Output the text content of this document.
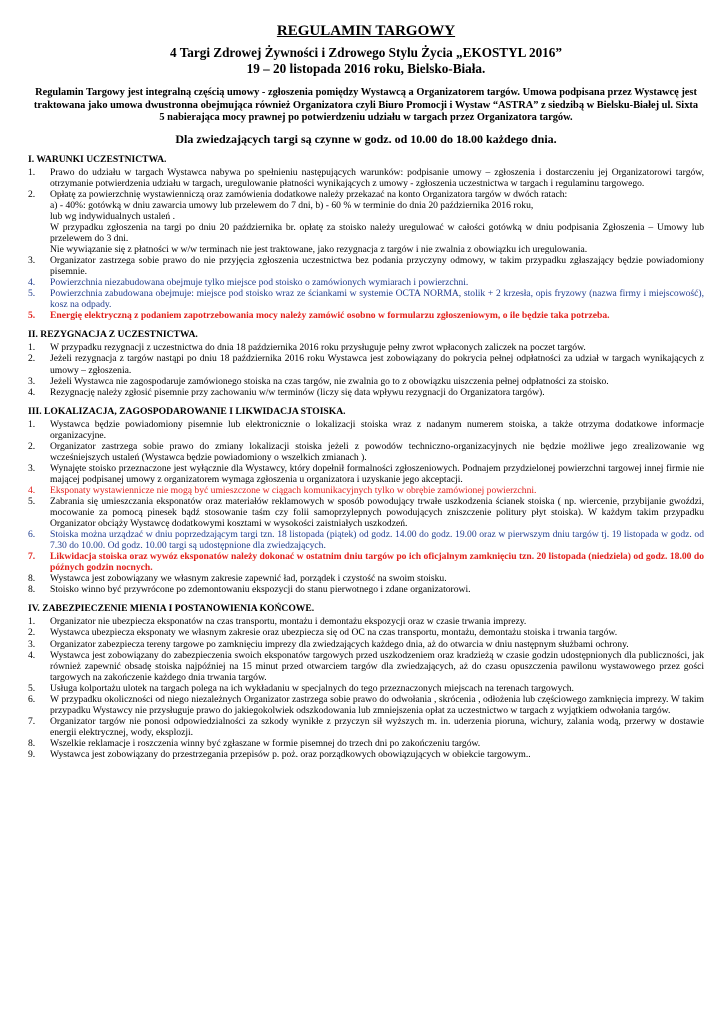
REGULAMIN TARGOWY
4 Targi Zdrowej Żywności i Zdrowego Stylu Życia „EKOSTYL 2016”
19 – 20 listopada 2016 roku, Bielsko-Biała.
Regulamin Targowy jest integralną częścią umowy - zgłoszenia pomiędzy Wystawcą a Organizatorem targów. Umowa podpisana przez Wystawcę jest traktowana jako umowa dwustronna obejmująca również Organizatora czyli Biuro Promocji i Wystaw “ASTRA” z siedzibą w Bielsku-Białej ul. Sixta 5 nabierająca mocy prawnej po potwierdzeniu udziału w targach przez Organizatora targów.
Dla zwiedzających targi są czynne w godz. od 10.00 do 18.00 każdego dnia.
I. WARUNKI UCZESTNICTWA.
1.	Prawo do udziału w targach Wystawca nabywa po spełnieniu następujących warunków: podpisanie umowy – zgłoszenia i dostarczeniu jej Organizatorowi targów, otrzymanie potwierdzenia udziału w targach, uregulowanie płatności wynikających z umowy - zgłoszenia uczestnictwa w targach i regulaminu targowego.
2.	Opłatę za powierzchnię wystawienniczą oraz zamówienia dodatkowe należy przekazać na konto Organizatora targów w dwóch ratach:
a) - 40%: gotówką w dniu zawarcia umowy lub przelewem do 7 dni, b) - 60 % w terminie do dnia 20 października 2016 roku,
lub wg indywidualnych ustaleń .
W przypadku zgłoszenia na targi po dniu 20 października br. opłatę za stoisko należy uregulować w całości gotówką w dniu podpisania Zgłoszenia – Umowy lub przelewem do 3 dni.
Nie wywiązanie się z płatności w w/w terminach nie jest traktowane, jako rezygnacja z targów i nie zwalnia z obowiązku ich uregulowania.
3.	Organizator zastrzega sobie prawo do nie przyjęcia zgłoszenia uczestnictwa bez podania przyczyny odmowy, w takim przypadku zgłaszający będzie powiadomiony pisemnie.
4.	Powierzchnia niezabudowana obejmuje tylko miejsce pod stoisko o zamówionych wymiarach i powierzchni.
5.	Powierzchnia zabudowana obejmuje: miejsce pod stoisko wraz ze ściankami w systemie OCTA NORMA, stolik + 2 krzesła, opis fryzowy (nazwa firmy i miejscowość), kosz na odpady.
5.	Energię elektryczną z podaniem zapotrzebowania mocy należy zamówić osobno w formularzu zgłoszeniowym, o ile będzie taka potrzeba.
II. REZYGNACJA Z UCZESTNICTWA.
1.	W przypadku rezygnacji z uczestnictwa do dnia 18 października 2016 roku przysługuje pełny zwrot wpłaconych zaliczek na poczet targów.
2.	Jeżeli rezygnacja z targów nastąpi po dniu 18 października 2016 roku Wystawca jest zobowiązany do pokrycia pełnej odpłatności za udział w targach wynikających z umowy – zgłoszenia.
3.	Jeżeli Wystawca nie zagospodaruje zamówionego stoiska na czas targów, nie zwalnia go to z obowiązku uiszczenia pełnej odpłatności za stoisko.
4.	Rezygnację należy zgłosić pisemnie przy zachowaniu w/w terminów (liczy się data wpływu rezygnacji do Organizatora targów).
III. LOKALIZACJA, ZAGOSPODAROWANIE I LIKWIDACJA STOISKA.
1.	Wystawca będzie powiadomiony pisemnie lub elektronicznie o lokalizacji stoiska wraz z nadanym numerem stoiska, a także otrzyma dodatkowe informacje organizacyjne.
2.	Organizator zastrzega sobie prawo do zmiany lokalizacji stoiska jeżeli z powodów techniczno-organizacyjnych nie będzie możliwe jego zrealizowanie wg wcześniejszych ustaleń (Wystawca będzie powiadomiony o wszelkich zmianach ).
3.	Wynajęte stoisko przeznaczone jest wyłącznie dla Wystawcy, który dopełnił formalności zgłoszeniowych. Podnajem przydzielonej powierzchni targowej innej firmie nie mającej podpisanej umowy z organizatorem wymaga zgłoszenia u organizatora i uzyskanie jego akceptacji.
4.	Eksponaty wystawiennicze nie mogą być umieszczone w ciągach komunikacyjnych tylko w obrębie zamówionej powierzchni.
5.	Zabrania się umieszczania eksponatów oraz materiałów reklamowych w sposób powodujący trwałe uszkodzenia ścianek stoiska ( np. wiercenie, przybijanie gwoździ, mocowanie za pomocą pinesek bądź stosowanie taśm czy folii samoprzylepnych powodujących zniszczenie politury płyt stoiska). W każdym takim przypadku Organizator obciąży Wystawcę dodatkowymi kosztami w wysokości zaistniałych uszkodzeń.
6.	Stoiska można urządzać w dniu poprzedzającym targi tzn. 18 listopada (piątek) od godz. 14.00 do godz. 19.00 oraz w pierwszym dniu targów tj. 19 listopada w godz. od 7.30 do 10.00. Od godz. 10.00 targi są udostępnione dla zwiedzających.
7.	Likwidacja stoiska oraz wywóz eksponatów należy dokonać w ostatnim dniu targów po ich oficjalnym zamknięciu tzn. 20 listopada (niedziela) od godz. 18.00 do późnych godzin nocnych.
8.	Wystawca jest zobowiązany we własnym zakresie zapewnić ład, porządek i czystość na swoim stoisku.
8.	Stoisko winno być przywrócone po zdemontowaniu ekspozycji do stanu pierwotnego i zdane organizatorowi.
IV. ZABEZPIECZENIE MIENIA I POSTANOWIENIA KOŃCOWE.
1.	Organizator nie ubezpiecza eksponatów na czas transportu, montażu i demontażu ekspozycji oraz w czasie trwania imprezy.
2.	Wystawca ubezpiecza eksponaty we własnym zakresie oraz ubezpiecza się od OC na czas transportu, montażu, demontażu stoiska i trwania targów.
3.	Organizator zabezpiecza tereny targowe po zamknięciu imprezy dla zwiedzających każdego dnia, aż do otwarcia w dniu następnym służbami ochrony.
4.	Wystawca jest zobowiązany do zabezpieczenia swoich eksponatów targowych przed uszkodzeniem oraz kradzieżą w czasie godzin udostępnionych dla publiczności, jak również zapewnić obsadę stoiska najpóźniej na 15 minut przed otwarciem targów dla zwiedzających, aż do czasu opuszczenia pawilonu wystawowego przez gości targowych na zakończenie każdego dnia trwania targów.
5.	Usługa kolportażu ulotek na targach polega na ich wykładaniu w specjalnych do tego przeznaczonych miejscach na terenach targowych.
6.	W przypadku okoliczności od niego niezależnych Organizator zastrzega sobie prawo do odwołania , skrócenia , odłożenia lub częściowego zamknięcia imprezy. W takim przypadku Wystawcy nie przysługuje prawo do jakiegokolwiek odszkodowania lub zmniejszenia opłat za uczestnictwo w targach z wyjątkiem odwołania targów.
7.	Organizator targów nie ponosi odpowiedzialności za szkody wynikłe z przyczyn sił wyższych m. in. uderzenia pioruna, wichury, zalania wodą, przerwy w dostawie energii elektrycznej, wody, eksplozji.
8.	Wszelkie reklamacje i roszczenia winny być zgłaszane w formie pisemnej do trzech dni po zakończeniu targów.
9.	Wystawca jest zobowiązany do przestrzegania przepisów p. poż. oraz porządkowych obowiązujących w obiekcie targowym..
